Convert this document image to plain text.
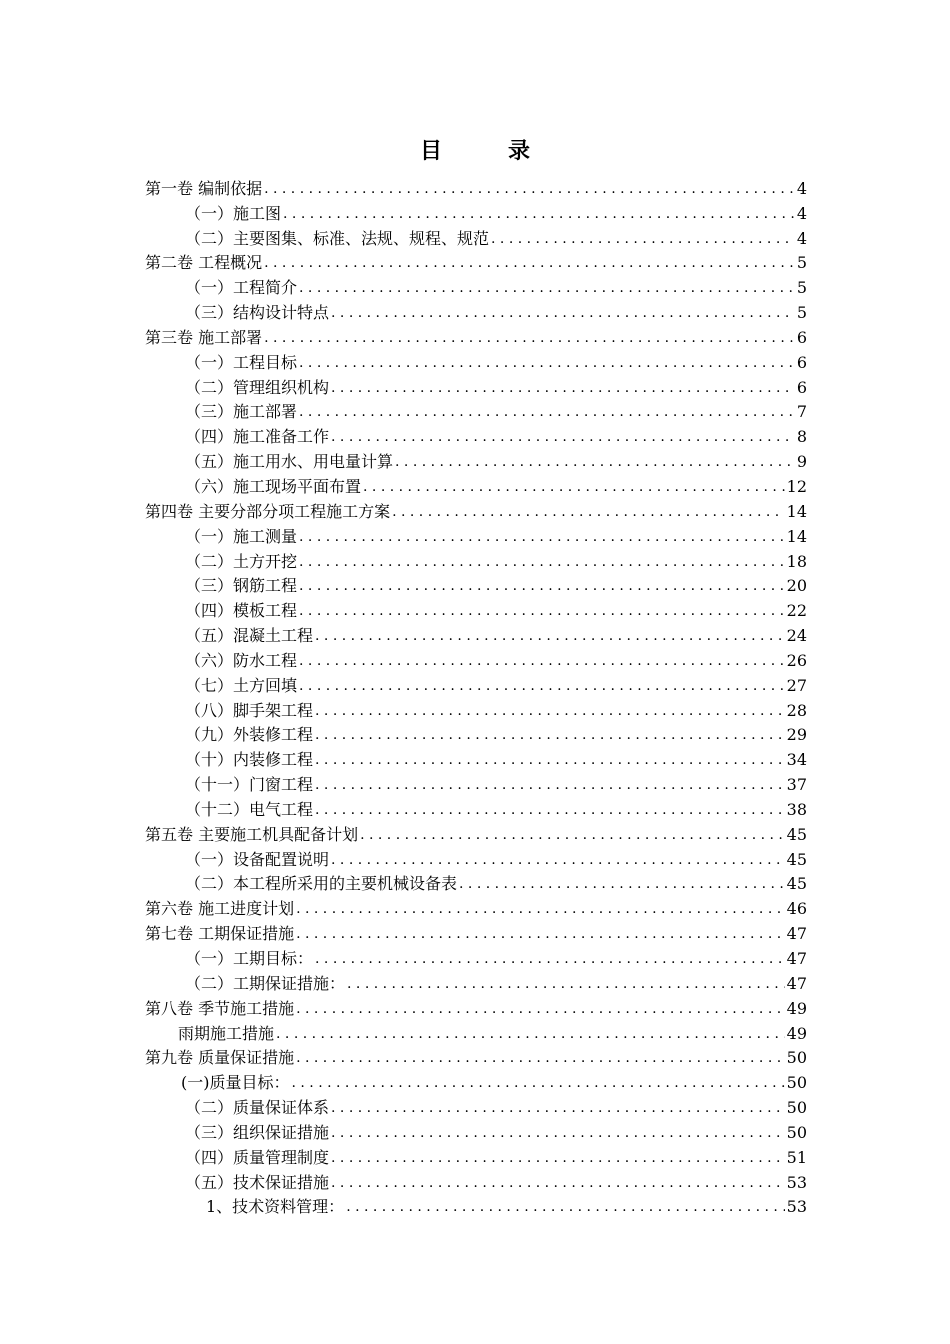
目　录
第一卷 编制依据 . . .	4
（一）施工图 . . .	4
（二）主要图集、标准、法规、规程、规范 . . .	4
第二卷 工程概况 . . .	5
（一）工程简介 . . .	5
（三）结构设计特点 . . .	5
第三卷 施工部署 . . .	6
（一）工程目标 . . .	6
（二）管理组织机构 . . .	6
（三）施工部署 . . .	7
（四）施工准备工作 . . .	8
（五）施工用水、用电量计算 . . .	9
（六）施工现场平面布置 . . .	12
第四卷 主要分部分项工程施工方案 . . .	14
（一）施工测量 . . .	14
（二）土方开挖 . . .	18
（三）钢筋工程 . . .	20
（四）模板工程 . . .	22
（五）混凝土工程 . . .	24
（六）防水工程 . . .	26
（七）土方回填 . . .	27
（八）脚手架工程 . . .	28
（九）外装修工程 . . .	29
（十）内装修工程 . . .	34
（十一）门窗工程 . . .	37
（十二）电气工程 . . .	38
第五卷 主要施工机具配备计划 . . .	45
（一）设备配置说明 . . .	45
（二）本工程所采用的主要机械设备表 . . .	45
第六卷 施工进度计划 . . .	46
第七卷 工期保证措施 . . .	47
（一）工期目标： . . .	47
（二）工期保证措施： . . .	47
第八卷 季节施工措施 . . .	49
雨期施工措施 . . .	49
第九卷 质量保证措施 . . .	50
(一)质量目标： . . .	50
（二）质量保证体系 . . .	50
（三）组织保证措施 . . .	50
（四）质量管理制度 . . .	51
（五）技术保证措施 . . .	53
1、技术资料管理： . . .	53
